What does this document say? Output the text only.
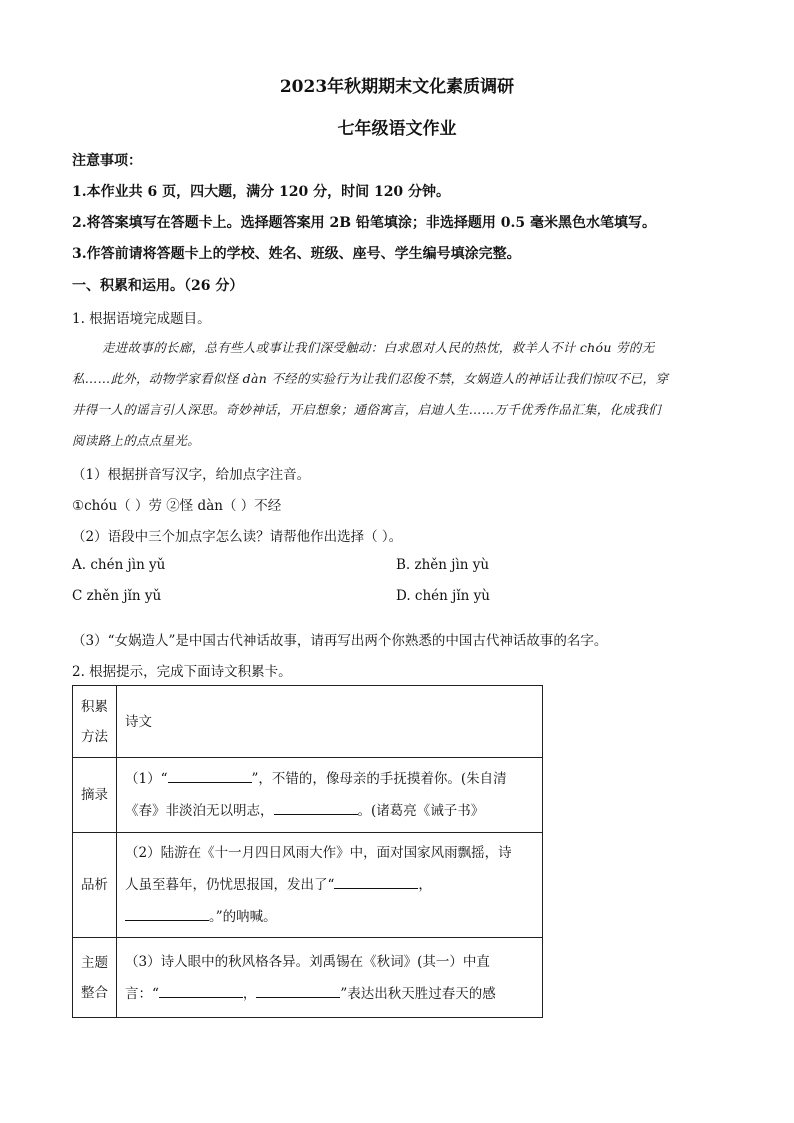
2023年秋期期末文化素质调研
七年级语文作业
注意事项：
1.本作业共 6 页，四大题，满分 120 分，时间 120 分钟。
2.将答案填写在答题卡上。选择题答案用 2B 铅笔填涂；非选择题用 0.5 毫米黑色水笔填写。
3.作答前请将答题卡上的学校、姓名、班级、座号、学生编号填涂完整。
一、积累和运用。（26 分）
1. 根据语境完成题目。
走进故事的长廊，总有些人或事让我们深受触动：白求恩对人民的热忱，救羊人不计 chóu 劳的无
私……此外，动物学家看似怪 dàn 不经的实验行为让我们忍俊不禁，女娲造人的神话让我们惊叹不已，穿
井得一人的谣言引人深思。奇妙神话，开启想象；通俗寓言，启迪人生……万千优秀作品汇集，化成我们
阅读路上的点点星光。
（1）根据拼音写汉字，给加点字注音。
①chóu（ ）劳 ②怪 dàn（ ）不经
（2）语段中三个加点字怎么读？请帮他作出选择（ ）。
A. chén jìn yǔ	B. zhěn jìn yù
C zhěn jǐn yǔ	D. chén jǐn yù
（3）“女娲造人”是中国古代神话故事，请再写出两个你熟悉的中国古代神话故事的名字。
2. 根据提示，完成下面诗文积累卡。
积累
方法	诗文
摘录	（1）“ ”，不错的，像母亲的手抚摸着你。(朱自清
《春》非淡泊无以明志， 。(诸葛亮《诫子书》
品析	（2）陆游在《十一月四日风雨大作》中，面对国家风雨飘摇，诗
人虽至暮年，仍忧思报国，发出了“ ，
。”的呐喊。
主题
整合	（3）诗人眼中的秋风格各异。刘禹锡在《秋词》(其一）中直
言：“ ， ”表达出秋天胜过春天的感
